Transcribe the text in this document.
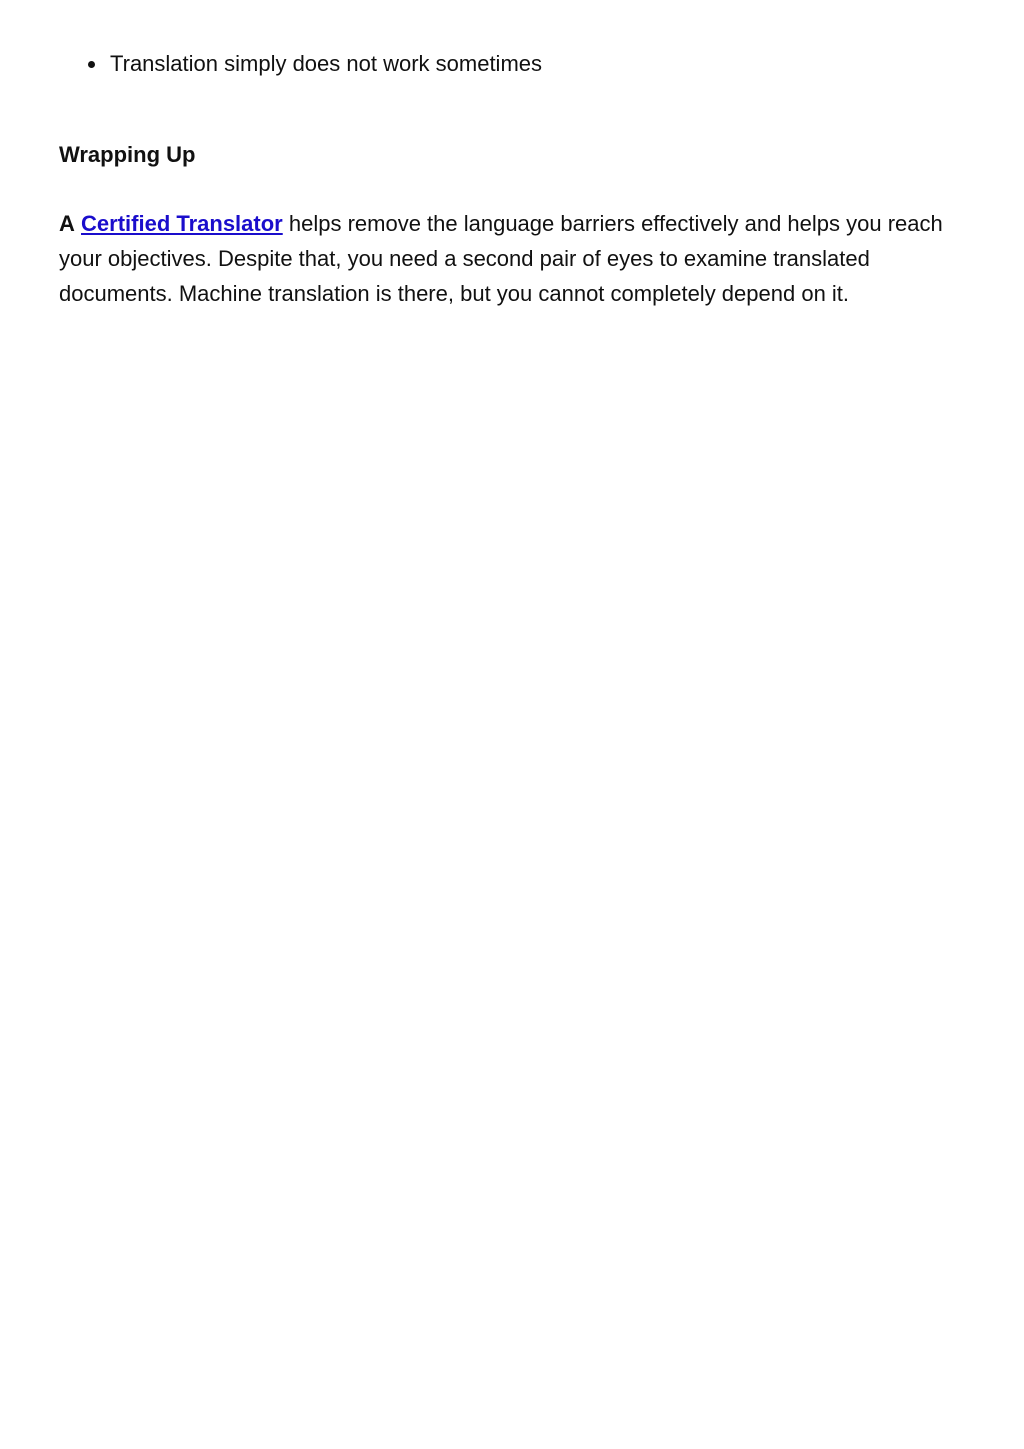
Translation simply does not work sometimes
Wrapping Up

A Certified Translator helps remove the language barriers effectively and helps you reach
your objectives. Despite that, you need a second pair of eyes to examine translated
documents. Machine translation is there, but you cannot completely depend on it.
